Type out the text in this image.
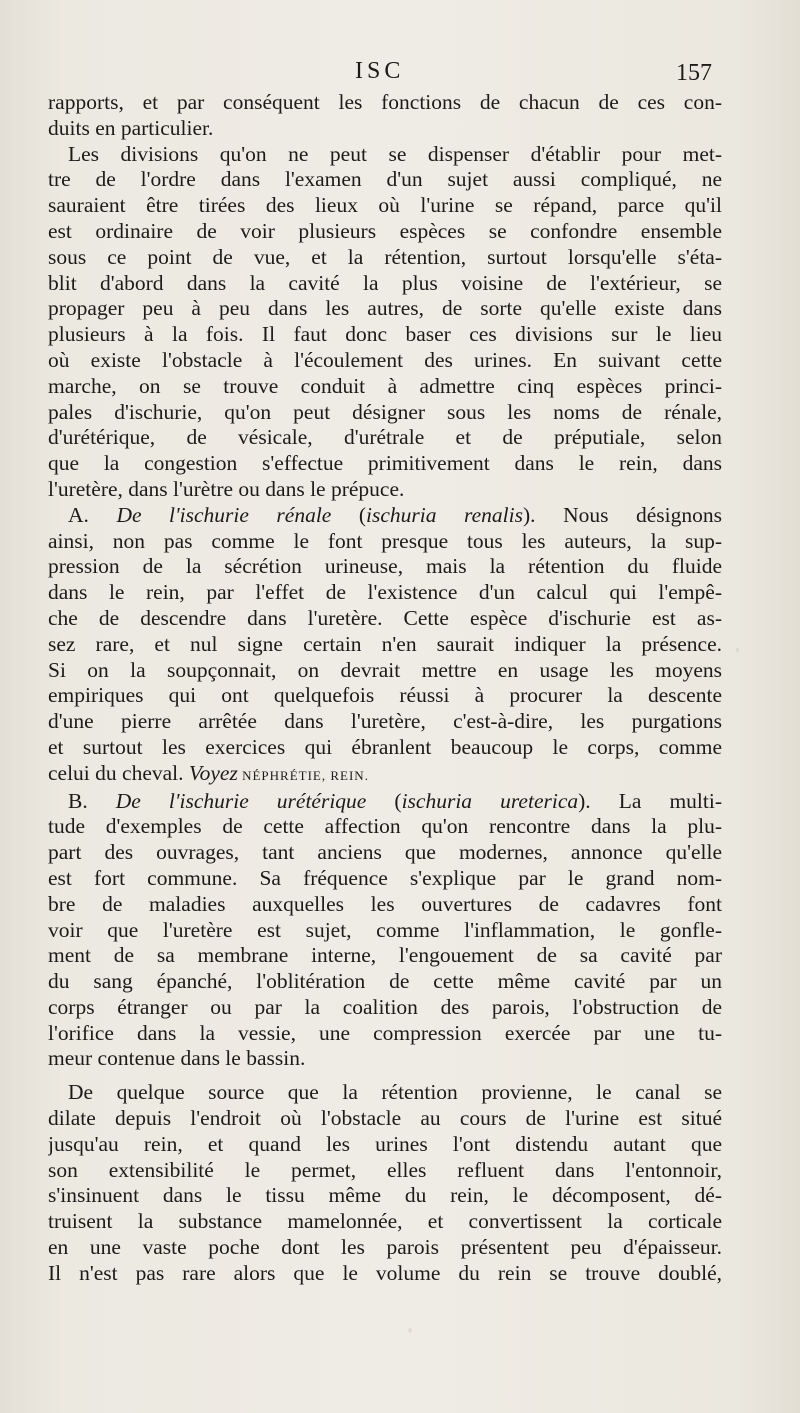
ISC	157
rapports, et par conséquent les fonctions de chacun de ces con-
duits en particulier.
Les divisions qu'on ne peut se dispenser d'établir pour met-
tre de l'ordre dans l'examen d'un sujet aussi compliqué, ne
sauraient être tirées des lieux où l'urine se répand, parce qu'il
est ordinaire de voir plusieurs espèces se confondre ensemble
sous ce point de vue, et la rétention, surtout lorsqu'elle s'éta-
blit d'abord dans la cavité la plus voisine de l'extérieur, se
propager peu à peu dans les autres, de sorte qu'elle existe dans
plusieurs à la fois. Il faut donc baser ces divisions sur le lieu
où existe l'obstacle à l'écoulement des urines. En suivant cette
marche, on se trouve conduit à admettre cinq espèces princi-
pales d'ischurie, qu'on peut désigner sous les noms de rénale,
d'urétérique, de vésicale, d'urétrale et de préputiale, selon
que la congestion s'effectue primitivement dans le rein, dans
l'uretère, dans l'urètre ou dans le prépuce.
A. De l'ischurie rénale (ischuria renalis). Nous désignons
ainsi, non pas comme le font presque tous les auteurs, la sup-
pression de la sécrétion urineuse, mais la rétention du fluide
dans le rein, par l'effet de l'existence d'un calcul qui l'empê-
che de descendre dans l'uretère. Cette espèce d'ischurie est as-
sez rare, et nul signe certain n'en saurait indiquer la présence.
Si on la soupçonnait, on devrait mettre en usage les moyens
empiriques qui ont quelquefois réussi à procurer la descente
d'une pierre arrêtée dans l'uretère, c'est-à-dire, les purgations
et surtout les exercices qui ébranlent beaucoup le corps, comme
celui du cheval. Voyez NÉPHRÉTIE, REIN.
B. De l'ischurie urétérique (ischuria ureterica). La multi-
tude d'exemples de cette affection qu'on rencontre dans la plu-
part des ouvrages, tant anciens que modernes, annonce qu'elle
est fort commune. Sa fréquence s'explique par le grand nom-
bre de maladies auxquelles les ouvertures de cadavres font
voir que l'uretère est sujet, comme l'inflammation, le gonfle-
ment de sa membrane interne, l'engouement de sa cavité par
du sang épanché, l'oblitération de cette même cavité par un
corps étranger ou par la coalition des parois, l'obstruction de
l'orifice dans la vessie, une compression exercée par une tu-
meur contenue dans le bassin.
De quelque source que la rétention provienne, le canal se
dilate depuis l'endroit où l'obstacle au cours de l'urine est situé
jusqu'au rein, et quand les urines l'ont distendu autant que
son extensibilité le permet, elles refluent dans l'entonnoir,
s'insinuent dans le tissu même du rein, le décomposent, dé-
truisent la substance mamelonnée, et convertissent la corticale
en une vaste poche dont les parois présentent peu d'épaisseur.
Il n'est pas rare alors que le volume du rein se trouve doublé,
